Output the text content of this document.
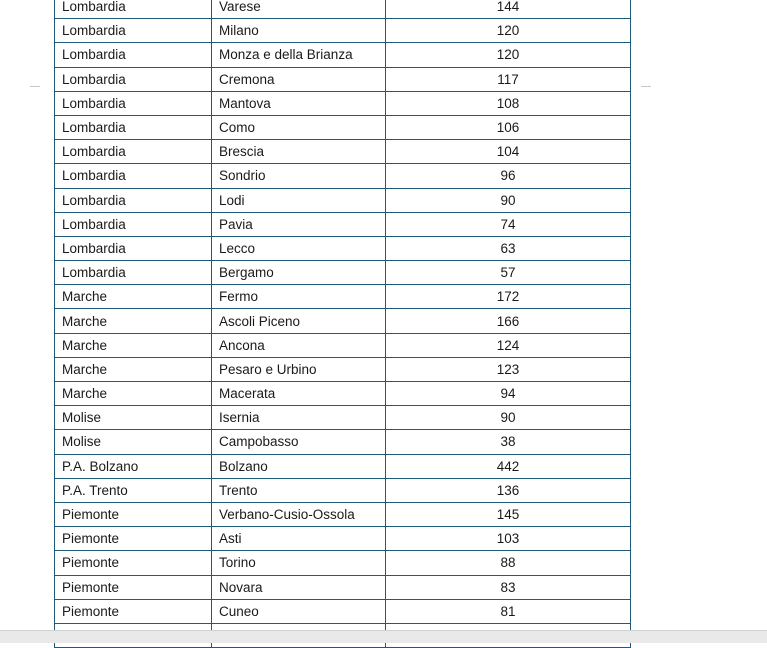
Lombardia	Varese	144
Lombardia	Milano	120
Lombardia	Monza e della Brianza	120
Lombardia	Cremona	117
Lombardia	Mantova	108
Lombardia	Como	106
Lombardia	Brescia	104
Lombardia	Sondrio	96
Lombardia	Lodi	90
Lombardia	Pavia	74
Lombardia	Lecco	63
Lombardia	Bergamo	57
Marche	Fermo	172
Marche	Ascoli Piceno	166
Marche	Ancona	124
Marche	Pesaro e Urbino	123
Marche	Macerata	94
Molise	Isernia	90
Molise	Campobasso	38
P.A. Bolzano	Bolzano	442
P.A. Trento	Trento	136
Piemonte	Verbano-Cusio-Ossola	145
Piemonte	Asti	103
Piemonte	Torino	88
Piemonte	Novara	83
Piemonte	Cuneo	81
